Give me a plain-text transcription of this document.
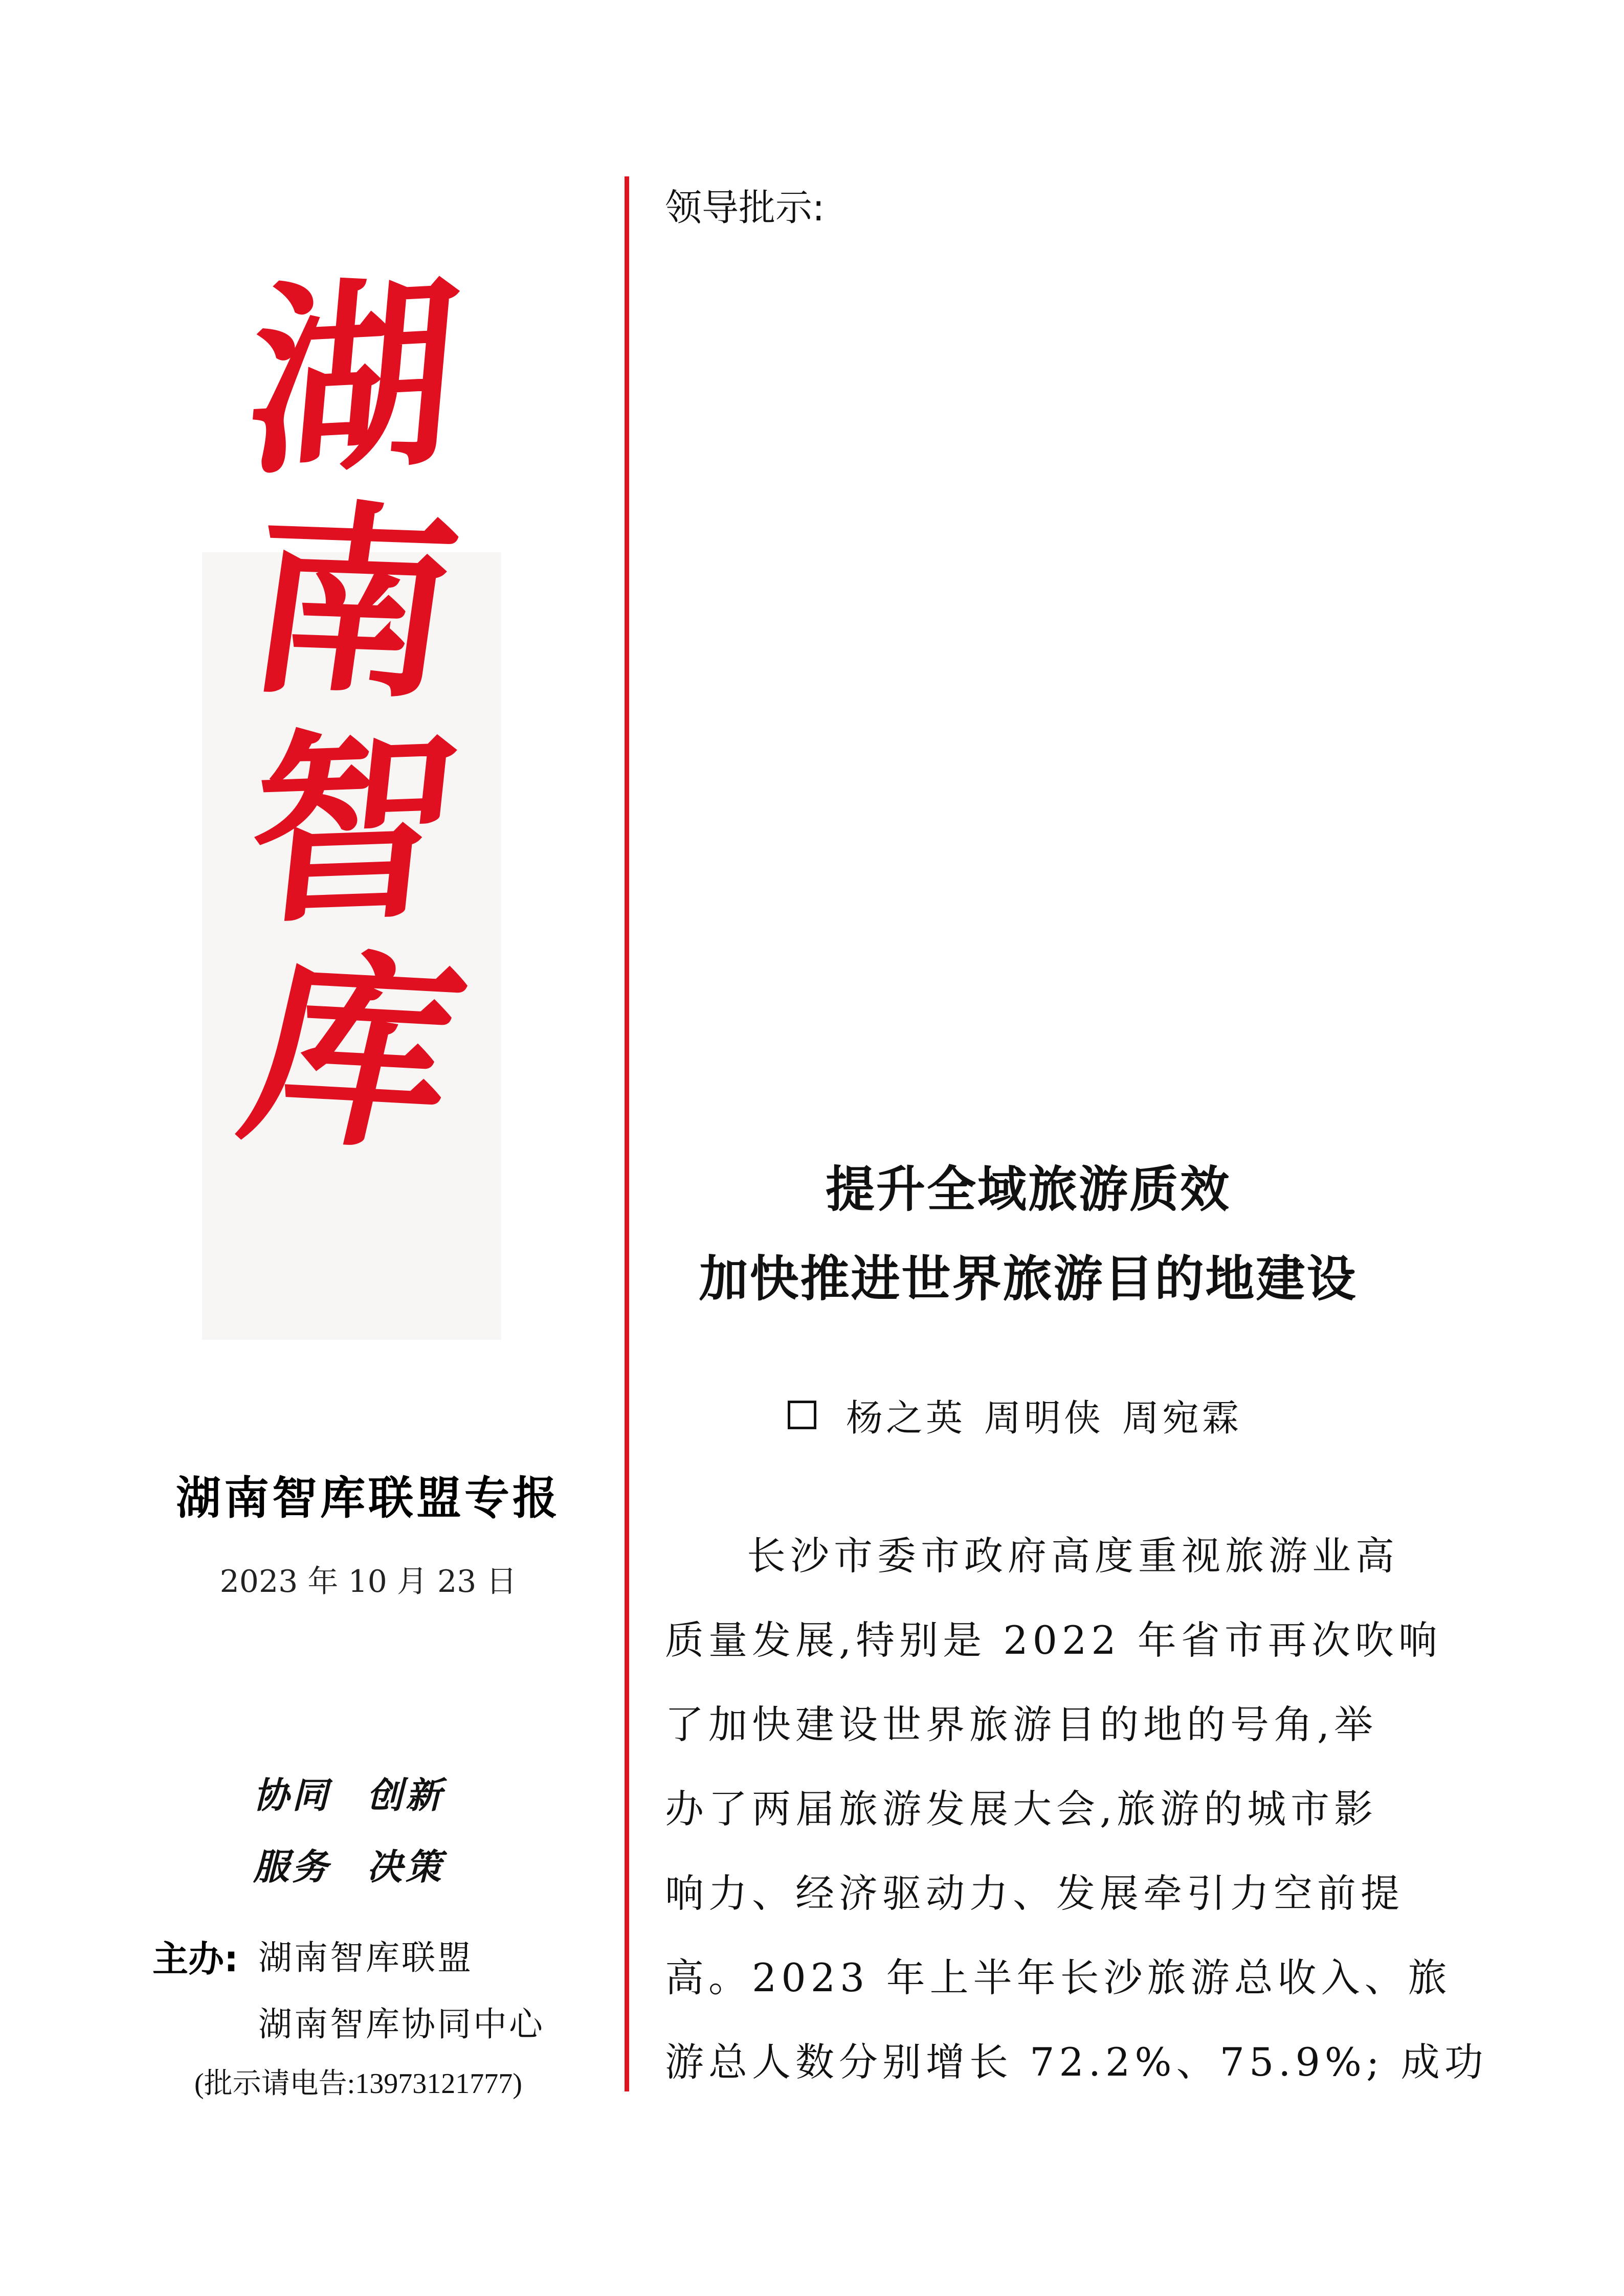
湖
南
智
库
湖南智库联盟专报
2023 年 10 月 23 日
协同 创新
服务 决策
主办: 湖南智库联盟
湖南智库协同中心
(批示请电告:13973121777)
领导批示:
提升全域旅游质效
加快推进世界旅游目的地建设
杨之英 周明侠 周宛霖
长沙市委市政府高度重视旅游业高
质量发展,特别是 2022 年省市再次吹响
了加快建设世界旅游目的地的号角,举
办了两届旅游发展大会,旅游的城市影
响力、经济驱动力、发展牵引力空前提
高。2023 年上半年长沙旅游总收入、旅
游总人数分别增长 72.2%、75.9%; 成功
